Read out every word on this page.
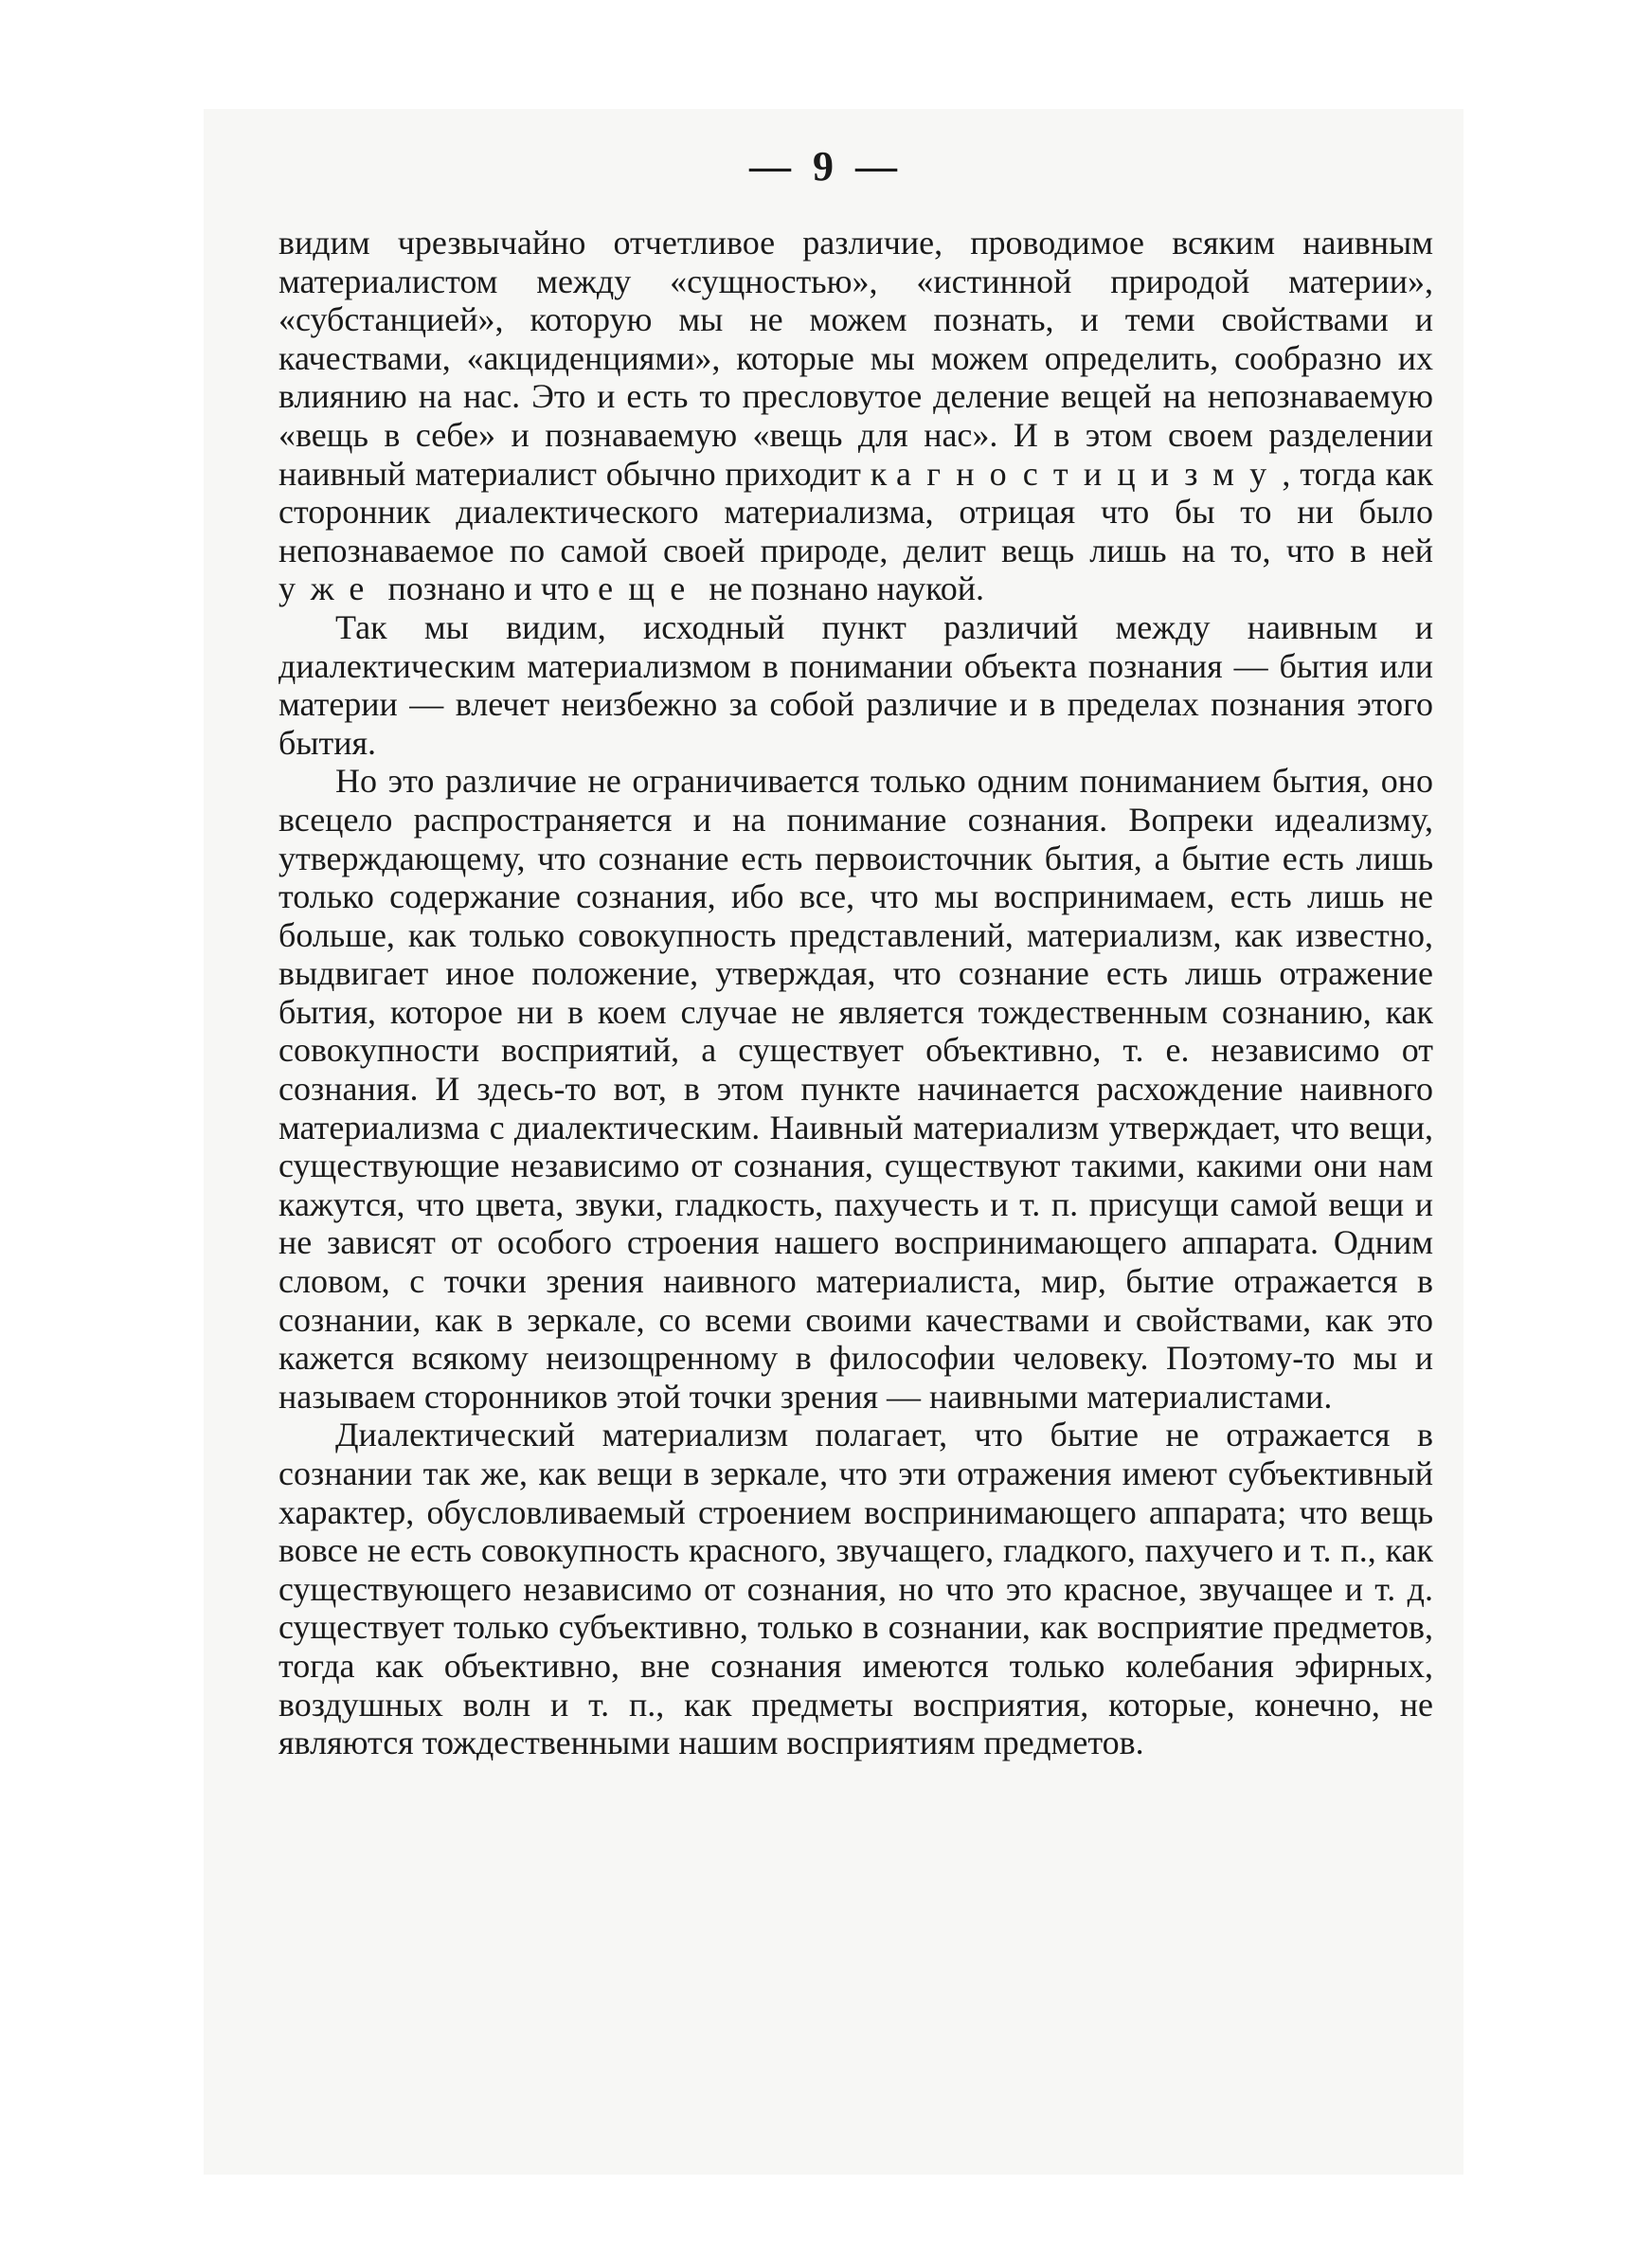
— 9 —

видим чрезвычайно отчетливое различие, проводимое всяким наивным материалистом между «сущностью», «истинной природой материи», «субстанцией», которую мы не можем познать, и теми свойствами и качествами, «акциденциями», которые мы можем определить, сообразно их влиянию на нас. Это и есть то пресловутое деление вещей на непознаваемую «вещь в себе» и познаваемую «вещь для нас». И в этом своем разделении наивный материалист обычно приходит к агностицизму, тогда как сторонник диалектического материализма, отрицая что бы то ни было непознаваемое по самой своей природе, делит вещь лишь на то, что в ней уже познано и что еще не познано наукой.

Так мы видим, исходный пункт различий между наивным и диалектическим материализмом в понимании объекта познания — бытия или материи — влечет неизбежно за собой различие и в пределах познания этого бытия.

Но это различие не ограничивается только одним пониманием бытия, оно всецело распространяется и на понимание сознания. Вопреки идеализму, утверждающему, что сознание есть первоисточник бытия, а бытие есть лишь только содержание сознания, ибо все, что мы воспринимаем, есть лишь не больше, как только совокупность представлений, материализм, как известно, выдвигает иное положение, утверждая, что сознание есть лишь отражение бытия, которое ни в коем случае не является тождественным сознанию, как совокупности восприятий, а существует объективно, т. е. независимо от сознания. И здесь-то вот, в этом пункте начинается расхождение наивного материализма с диалектическим. Наивный материализм утверждает, что вещи, существующие независимо от сознания, существуют такими, какими они нам кажутся, что цвета, звуки, гладкость, пахучесть и т. п. присущи самой вещи и не зависят от особого строения нашего воспринимающего аппарата. Одним словом, с точки зрения наивного материалиста, мир, бытие отражается в сознании, как в зеркале, со всеми своими качествами и свойствами, как это кажется всякому неизощренному в философии человеку. Поэтому-то мы и называем сторонников этой точки зрения — наивными материалистами.

Диалектический материализм полагает, что бытие не отражается в сознании так же, как вещи в зеркале, что эти отражения имеют субъективный характер, обусловливаемый строением воспринимающего аппарата; что вещь вовсе не есть совокупность красного, звучащего, гладкого, пахучего и т. п., как существующего независимо от сознания, но что это красное, звучащее и т. д. существует только субъективно, только в сознании, как восприятие предметов, тогда как объективно, вне сознания имеются только колебания эфирных, воздушных волн и т. п., как предметы восприятия, которые, конечно, не являются тождественными нашим восприятиям предметов.
